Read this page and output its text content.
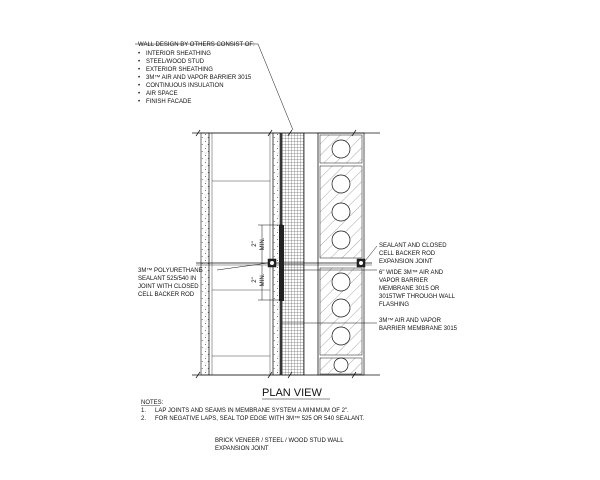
2" MIN.
2" MIN.
WALL DESIGN BY OTHERS CONSIST OF:
• INTERIOR SHEATHING
• STEEL/WOOD STUD
• EXTERIOR SHEATHING
• 3M™ AIR AND VAPOR BARRIER 3015
• CONTINUOUS INSULATION
• AIR SPACE
• FINISH FACADE
3M™ POLYURETHANE
SEALANT 525/540 IN
JOINT WITH CLOSED
CELL BACKER ROD
SEALANT AND CLOSED
CELL BACKER ROD
EXPANSION JOINT
6" WIDE 3M™ AIR AND
VAPOR BARRIER
MEMBRANE 3015 OR
3015TWF THROUGH WALL
FLASHING
3M™ AIR AND VAPOR
BARRIER MEMBRANE 3015
PLAN VIEW
NOTES:
1. LAP JOINTS AND SEAMS IN MEMBRANE SYSTEM A MINIMUM OF 2".
2. FOR NEGATIVE LAPS, SEAL TOP EDGE WITH 3M™ 525 OR 540 SEALANT.
BRICK VENEER / STEEL / WOOD STUD WALL
EXPANSION JOINT
